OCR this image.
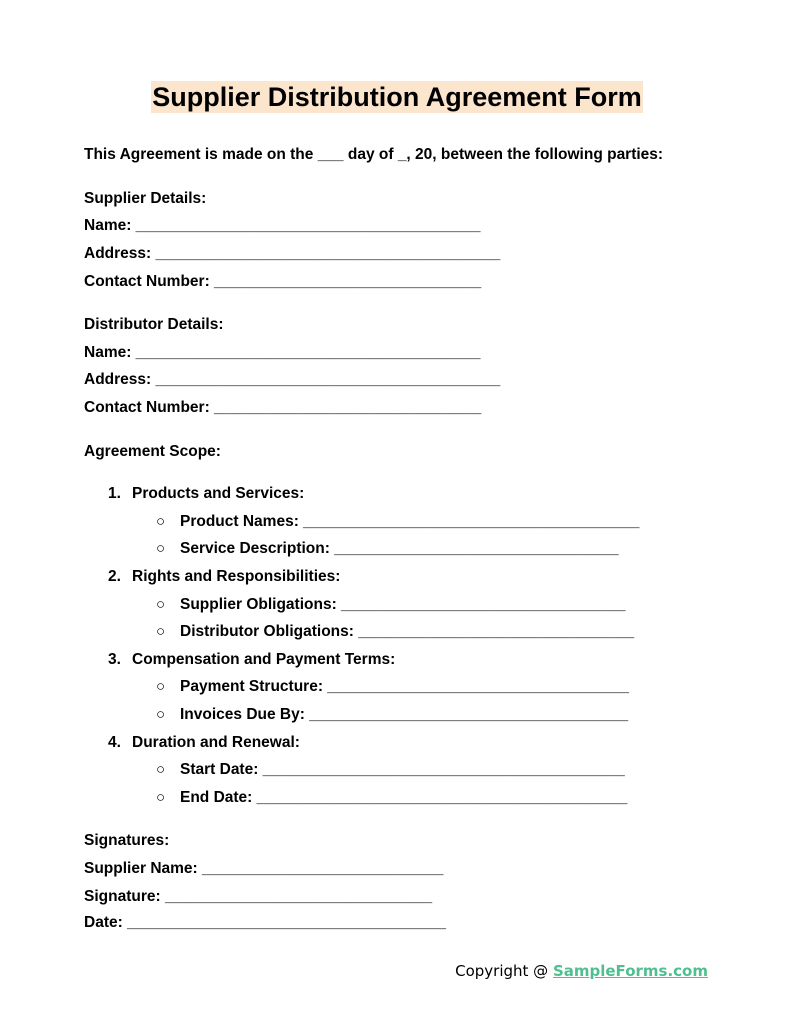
Supplier Distribution Agreement Form
This Agreement is made on the ___ day of _, 20, between the following parties:
Supplier Details:
Name: ________________________________________
Address: ________________________________________
Contact Number: _______________________________
Distributor Details:
Name: ________________________________________
Address: ________________________________________
Contact Number: _______________________________
Agreement Scope:
1. Products and Services:
○ Product Names: _______________________________________
○ Service Description: _________________________________
2. Rights and Responsibilities:
○ Supplier Obligations: _________________________________
○ Distributor Obligations: ________________________________
3. Compensation and Payment Terms:
○ Payment Structure: ___________________________________
○ Invoices Due By: _____________________________________
4. Duration and Renewal:
○ Start Date: __________________________________________
○ End Date: ___________________________________________
Signatures:
Supplier Name: ____________________________
Signature: _______________________________
Date: _____________________________________
Copyright @ SampleForms.com
